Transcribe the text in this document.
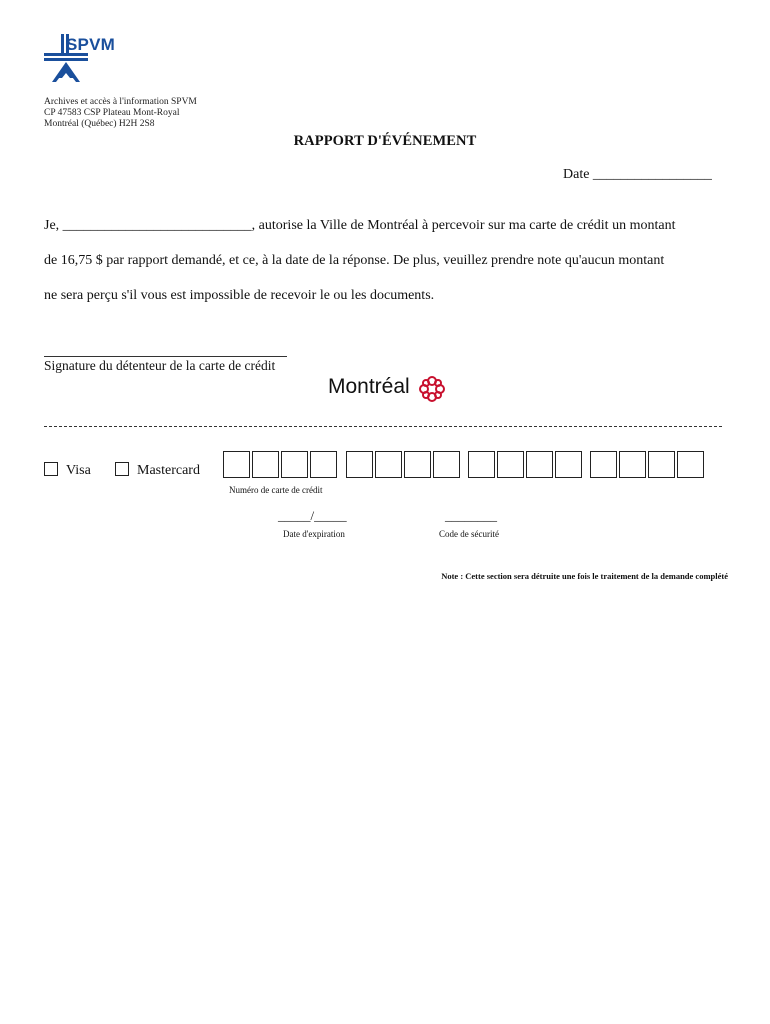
SPVM
Archives et accès à l'information SPVM
CP 47583 CSP Plateau Mont-Royal
Montréal (Québec) H2H 2S8
RAPPORT D'ÉVÉNEMENT
Date _________________
Je, ___________________________, autorise la Ville de Montréal à percevoir sur ma carte de crédit un montant
de 16,75 $ par rapport demandé, et ce, à la date de la réponse. De plus, veuillez prendre note qu'aucun montant
ne sera perçu s'il vous est impossible de recevoir le ou les documents.
Signature du détenteur de la carte de crédit
Montréal
Visa	Mastercard
Numéro de carte de crédit
_____/_____
Date d'expiration
________
Code de sécurité
Note : Cette section sera détruite une fois le traitement de la demande complété
